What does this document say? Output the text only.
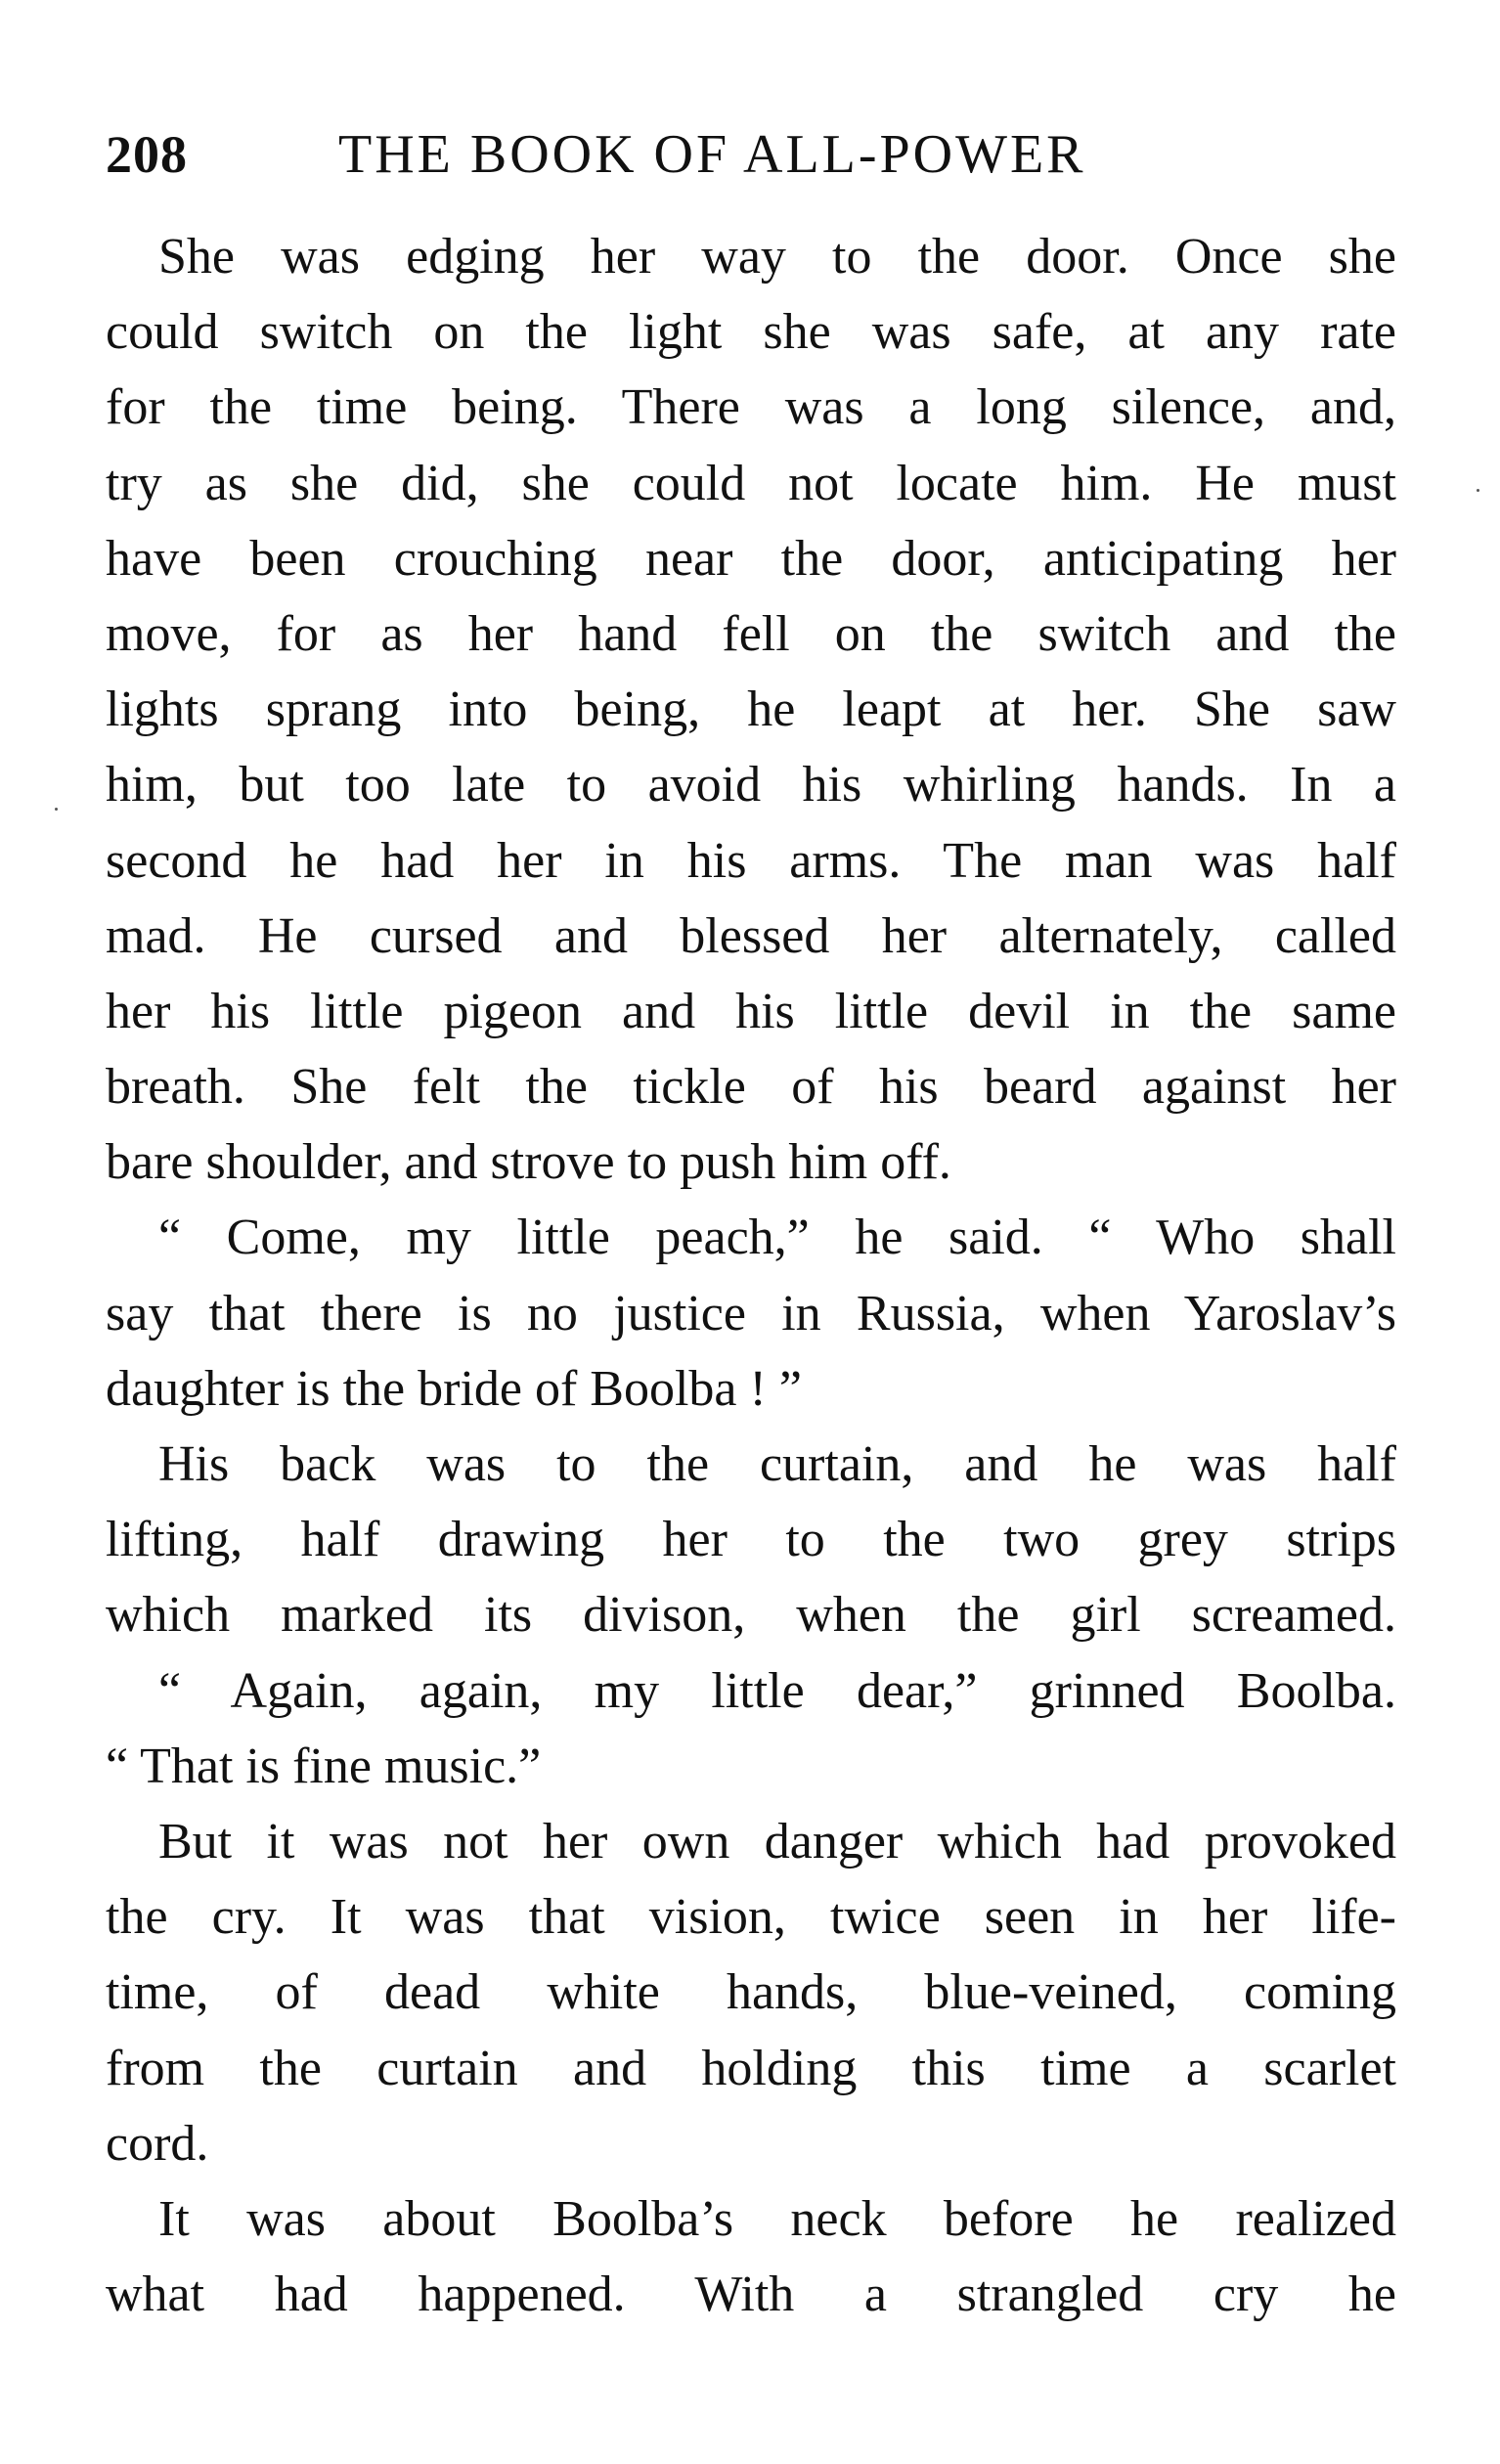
208	THE BOOK OF ALL-POWER
She was edging her way to the door. Once she
could switch on the light she was safe, at any rate
for the time being. There was a long silence, and,
try as she did, she could not locate him. He must
have been crouching near the door, anticipating her
move, for as her hand fell on the switch and the
lights sprang into being, he leapt at her. She saw
him, but too late to avoid his whirling hands. In a
second he had her in his arms. The man was half
mad. He cursed and blessed her alternately, called
her his little pigeon and his little devil in the same
breath. She felt the tickle of his beard against her
bare shoulder, and strove to push him off.
“ Come, my little peach,” he said. “ Who shall
say that there is no justice in Russia, when Yaroslav’s
daughter is the bride of Boolba ! ”
His back was to the curtain, and he was half
lifting, half drawing her to the two grey strips
which marked its divison, when the girl screamed.
“ Again, again, my little dear,” grinned Boolba.
“ That is fine music.”
But it was not her own danger which had provoked
the cry. It was that vision, twice seen in her life-
time, of dead white hands, blue-veined, coming
from the curtain and holding this time a scarlet
cord.
It was about Boolba’s neck before he realized
what had happened. With a strangled cry he
